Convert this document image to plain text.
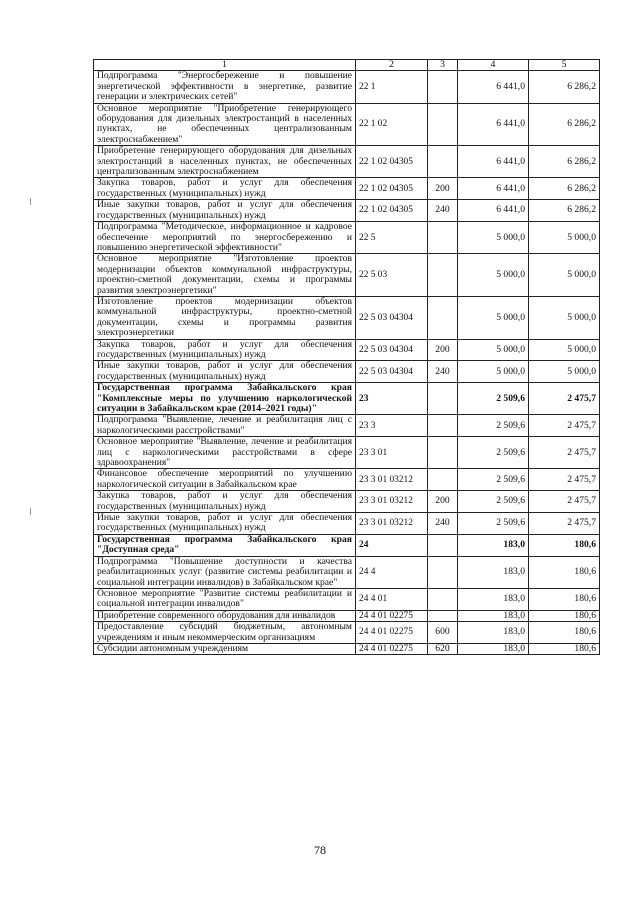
1	2	3	4	5
Подпрограмма "Энергосбережение и повышение энергетической эффективности в энергетике, развитие генерации и электрических сетей"	22 1		6 441,0	6 286,2
Основное мероприятие "Приобретение генерирующего оборудования для дизельных электростанций в населенных пунктах, не обеспеченных централизованным электроснабжением"	22 1 02		6 441,0	6 286,2
Приобретение генерирующего оборудования для дизельных электростанций в населенных пунктах, не обеспеченных централизованным электроснабжением	22 1 02 04305		6 441,0	6 286,2
Закупка товаров, работ и услуг для обеспечения государственных (муниципальных) нужд	22 1 02 04305	200	6 441,0	6 286,2
Иные закупки товаров, работ и услуг для обеспечения государственных (муниципальных) нужд	22 1 02 04305	240	6 441,0	6 286,2
Подпрограмма "Методическое, информационное и кадровое обеспечение мероприятий по энергосбережению и повышению энергетической эффективности"	22 5		5 000,0	5 000,0
Основное мероприятие "Изготовление проектов модернизации объектов коммунальной инфраструктуры, проектно-сметной документации, схемы и программы развития электроэнергетики"	22 5 03		5 000,0	5 000,0
Изготовление проектов модернизации объектов коммунальной инфраструктуры, проектно-сметной документации, схемы и программы развития электроэнергетики	22 5 03 04304		5 000,0	5 000,0
Закупка товаров, работ и услуг для обеспечения государственных (муниципальных) нужд	22 5 03 04304	200	5 000,0	5 000,0
Иные закупки товаров, работ и услуг для обеспечения государственных (муниципальных) нужд	22 5 03 04304	240	5 000,0	5 000,0
Государственная программа Забайкальского края "Комплексные меры по улучшению наркологической ситуации в Забайкальском крае (2014–2021 годы)"	23		2 509,6	2 475,7
Подпрограмма "Выявление, лечение и реабилитация лиц с наркологическими расстройствами"	23 3		2 509,6	2 475,7
Основное мероприятие "Выявление, лечение и реабилитация лиц с наркологическими расстройствами в сфере здравоохранения"	23 3 01		2 509,6	2 475,7
Финансовое обеспечение мероприятий по улучшению наркологической ситуации в Забайкальском крае	23 3 01 03212		2 509,6	2 475,7
Закупка товаров, работ и услуг для обеспечения государственных (муниципальных) нужд	23 3 01 03212	200	2 509,6	2 475,7
Иные закупки товаров, работ и услуг для обеспечения государственных (муниципальных) нужд	23 3 01 03212	240	2 509,6	2 475,7
Государственная программа Забайкальского края "Доступная среда"	24		183,0	180,6
Подпрограмма "Повышение доступности и качества реабилитационных услуг (развитие системы реабилитации и социальной интеграции инвалидов) в Забайкальском крае"	24 4		183,0	180,6
Основное мероприятие "Развитие системы реабилитации и социальной интеграции инвалидов"	24 4 01		183,0	180,6
Приобретение современного оборудования для инвалидов	24 4 01 02275		183,0	180,6
Предоставление субсидий бюджетным, автономным учреждениям и иным некоммерческим организациям	24 4 01 02275	600	183,0	180,6
Субсидии автономным учреждениям	24 4 01 02275	620	183,0	180,6
78
